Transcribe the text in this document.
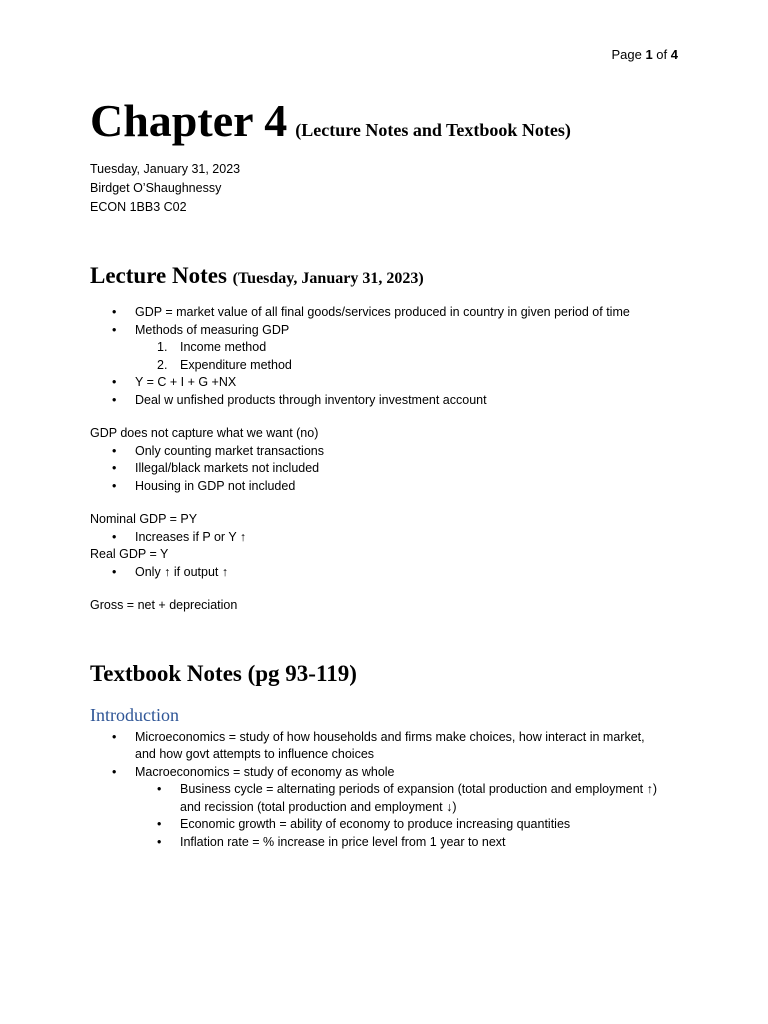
Page 1 of 4
Chapter 4 (Lecture Notes and Textbook Notes)
Tuesday, January 31, 2023
Birdget O’Shaughnessy
ECON 1BB3 C02
Lecture Notes (Tuesday, January 31, 2023)
• GDP = market value of all final goods/services produced in country in given period of time
• Methods of measuring GDP
1. Income method
2. Expenditure method
• Y = C + I + G +NX
• Deal w unfished products through inventory investment account

GDP does not capture what we want (no)

• Only counting market transactions
• Illegal/black markets not included
• Housing in GDP not included

Nominal GDP = PY

• Increases if P or Y ↑

Real GDP = Y

• Only ↑ if output ↑

Gross = net + depreciation

Textbook Notes (pg 93-119)
Introduction
• Microeconomics = study of how households and firms make choices, how interact in market,
and how govt attempts to influence choices
• Macroeconomics = study of economy as whole
• Business cycle = alternating periods of expansion (total production and employment ↑)
and recission (total production and employment ↓)
• Economic growth = ability of economy to produce increasing quantities
• Inflation rate = % increase in price level from 1 year to next
